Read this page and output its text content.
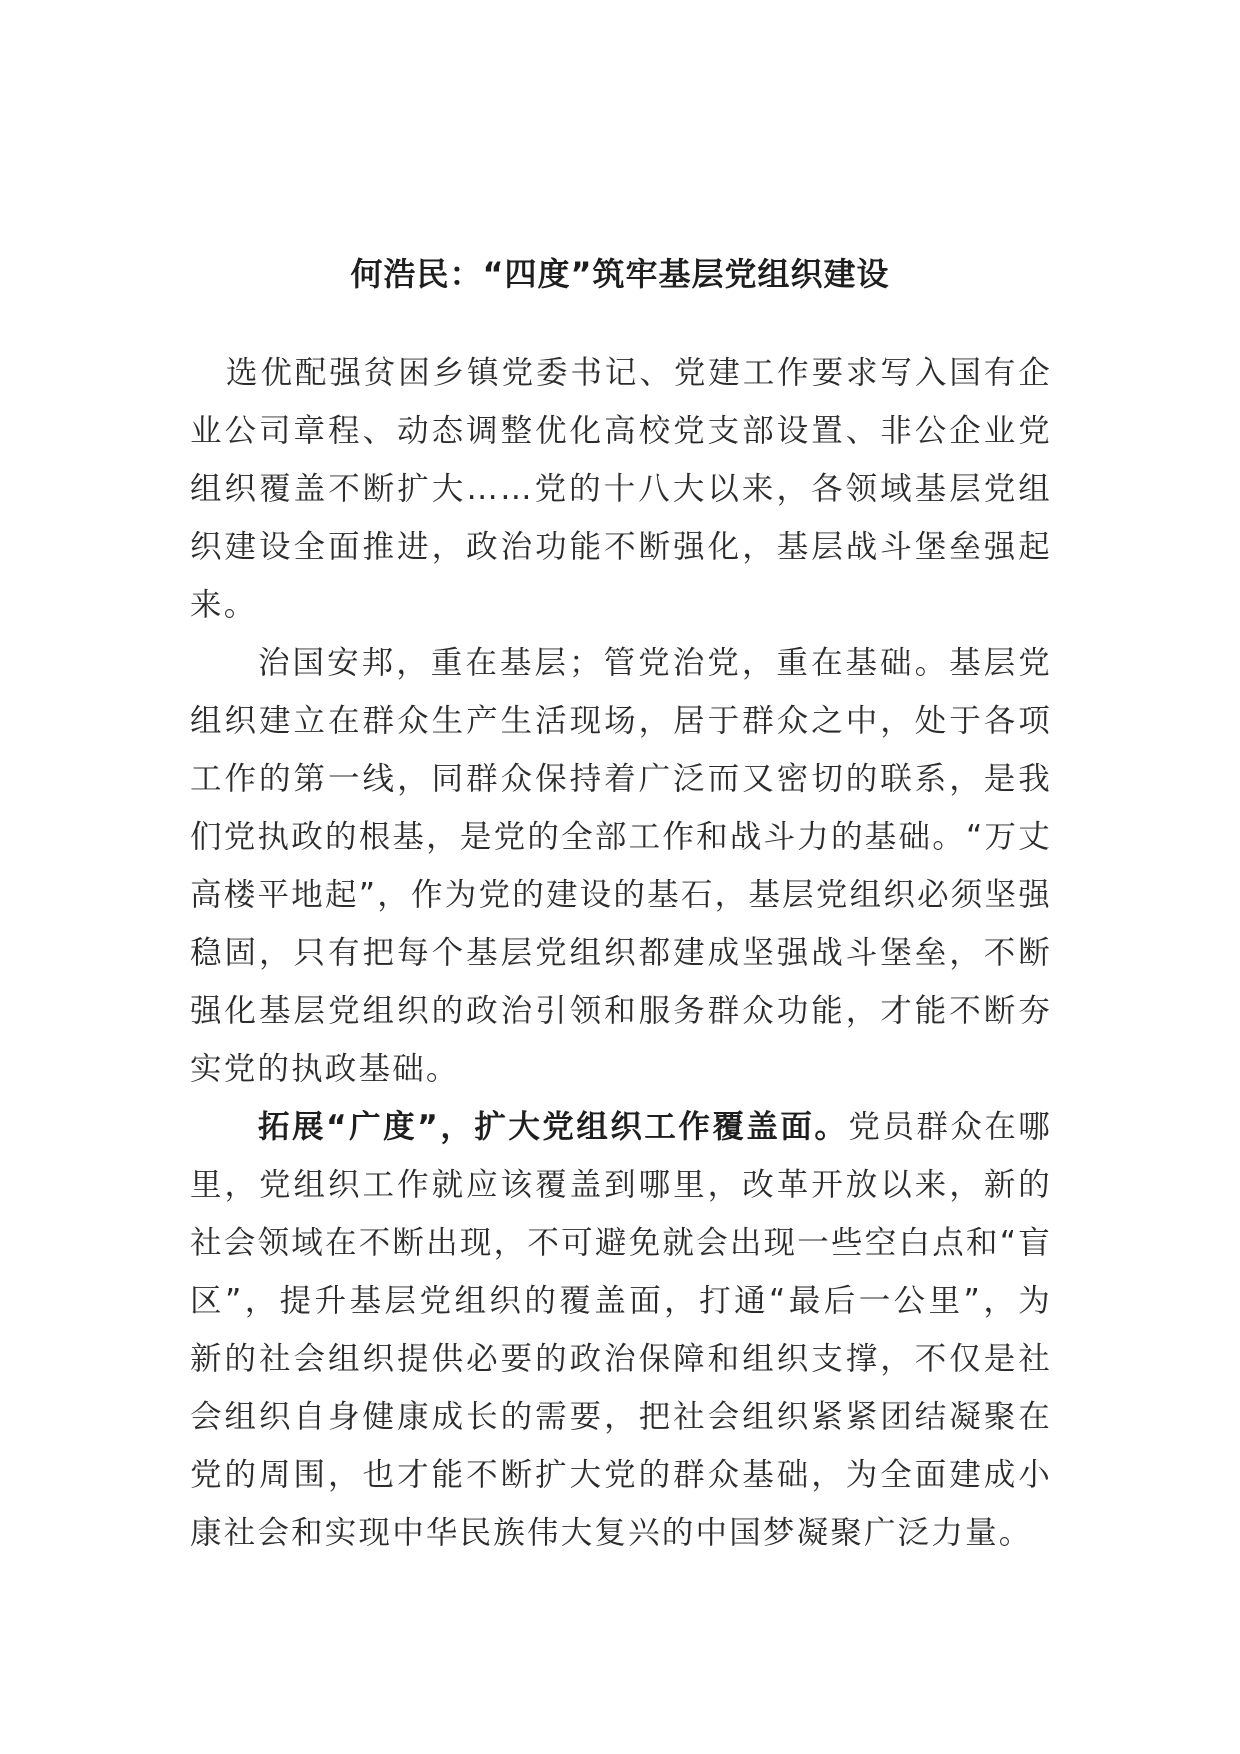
何浩民：“四度”筑牢基层党组织建设

选优配强贫困乡镇党委书记、党建工作要求写入国有企业公司章程、动态调整优化高校党支部设置、非公企业党组织覆盖不断扩大……党的十八大以来，各领域基层党组织建设全面推进，政治功能不断强化，基层战斗堡垒强起来。

治国安邦，重在基层；管党治党，重在基础。基层党组织建立在群众生产生活现场，居于群众之中，处于各项工作的第一线，同群众保持着广泛而又密切的联系，是我们党执政的根基，是党的全部工作和战斗力的基础。“万丈高楼平地起”，作为党的建设的基石，基层党组织必须坚强稳固，只有把每个基层党组织都建成坚强战斗堡垒，不断强化基层党组织的政治引领和服务群众功能，才能不断夯实党的执政基础。

拓展“广度”，扩大党组织工作覆盖面。党员群众在哪里，党组织工作就应该覆盖到哪里，改革开放以来，新的社会领域在不断出现，不可避免就会出现一些空白点和“盲区”，提升基层党组织的覆盖面，打通“最后一公里”，为新的社会组织提供必要的政治保障和组织支撑，不仅是社会组织自身健康成长的需要，把社会组织紧紧团结凝聚在党的周围，也才能不断扩大党的群众基础，为全面建成小康社会和实现中华民族伟大复兴的中国梦凝聚广泛力量。
